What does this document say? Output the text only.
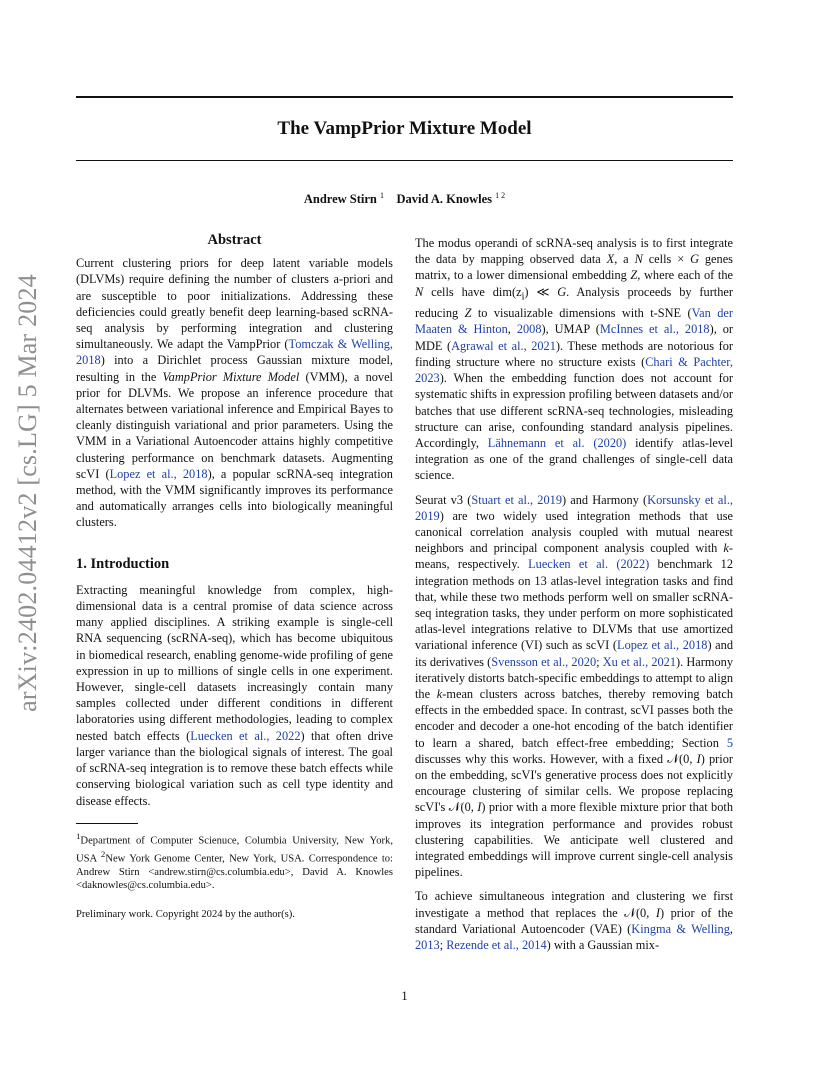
The VampPrior Mixture Model
Andrew Stirn $^1$ David A. Knowles $^{1 2}$
arXiv:2402.04412v2 [cs.LG] 5 Mar 2024
Abstract

Current clustering priors for deep latent variable models (DLVMs) require defining the number of clusters a-priori and are susceptible to poor initializations. Addressing these deficiencies could greatly benefit deep learning-based scRNA-seq analysis by performing integration and clustering simultaneously. We adapt the VampPrior (Tomczak & Welling, 2018) into a Dirichlet process Gaussian mixture model, resulting in the VampPrior Mixture Model (VMM), a novel prior for DLVMs. We propose an inference procedure that alternates between variational inference and Empirical Bayes to cleanly distinguish variational and prior parameters. Using the VMM in a Variational Autoencoder attains highly competitive clustering performance on benchmark datasets. Augmenting scVI (Lopez et al., 2018), a popular scRNA-seq integration method, with the VMM significantly improves its performance and automatically arranges cells into biologically meaningful clusters.

1. Introduction

Extracting meaningful knowledge from complex, high-dimensional data is a central promise of data science across many applied disciplines. A striking example is single-cell RNA sequencing (scRNA-seq), which has become ubiquitous in biomedical research, enabling genome-wide profiling of gene expression in up to millions of single cells in one experiment. However, single-cell datasets increasingly contain many samples collected under different conditions in different laboratories using different methodologies, leading to complex nested batch effects (Luecken et al., 2022) that often drive larger variance than the biological signals of interest. The goal of scRNA-seq integration is to remove these batch effects while conserving biological variation such as cell type identity and disease effects.

$^1$Department of Computer Scienuce, Columbia University, New York, USA $^2$New York Genome Center, New York, USA. Correspondence to: Andrew Stirn <andrew.stirn@cs.columbia.edu>, David A. Knowles <daknowles@cs.columbia.edu>.

Preliminary work. Copyright 2024 by the author(s).

The modus operandi of scRNA-seq analysis is to first integrate the data by mapping observed data X, a N cells × G genes matrix, to a lower dimensional embedding Z, where each of the N cells have $dim(z_i)$ ≪ G. Analysis proceeds by further reducing Z to visualizable dimensions with t-SNE (Van der Maaten & Hinton, 2008), UMAP (McInnes et al., 2018), or MDE (Agrawal et al., 2021). These methods are notorious for finding structure where no structure exists (Chari & Pachter, 2023). When the embedding function does not account for systematic shifts in expression profiling between datasets and/or batches that use different scRNA-seq technologies, misleading structure can arise, confounding standard analysis pipelines. Accordingly, Lähnemann et al. (2020) identify atlas-level integration as one of the grand challenges of single-cell data science.

Seurat v3 (Stuart et al., 2019) and Harmony (Korsunsky et al., 2019) are two widely used integration methods that use canonical correlation analysis coupled with mutual nearest neighbors and principal component analysis coupled with k-means, respectively. Luecken et al. (2022) benchmark 12 integration methods on 13 atlas-level integration tasks and find that, while these two methods perform well on smaller scRNA-seq integration tasks, they under perform on more sophisticated atlas-level integrations relative to DLVMs that use amortized variational inference (VI) such as scVI (Lopez et al., 2018) and its derivatives (Svensson et al., 2020; Xu et al., 2021). Harmony iteratively distorts batch-specific embeddings to attempt to align the k-mean clusters across batches, thereby removing batch effects in the embedded space. In contrast, scVI passes both the encoder and decoder a one-hot encoding of the batch identifier to learn a shared, batch effect-free embedding; Section 5 discusses why this works. However, with a fixed 𝒩(0, I) prior on the embedding, scVI's generative process does not explicitly encourage clustering of similar cells. We propose replacing scVI's 𝒩(0, I) prior with a more flexible mixture prior that both improves its integration performance and provides robust clustering capabilities. We anticipate well clustered and integrated embeddings will improve current single-cell analysis pipelines.

To achieve simultaneous integration and clustering we first investigate a method that replaces the 𝒩(0, I) prior of the standard Variational Autoencoder (VAE) (Kingma & Welling, 2013; Rezende et al., 2014) with a Gaussian mix-

1
